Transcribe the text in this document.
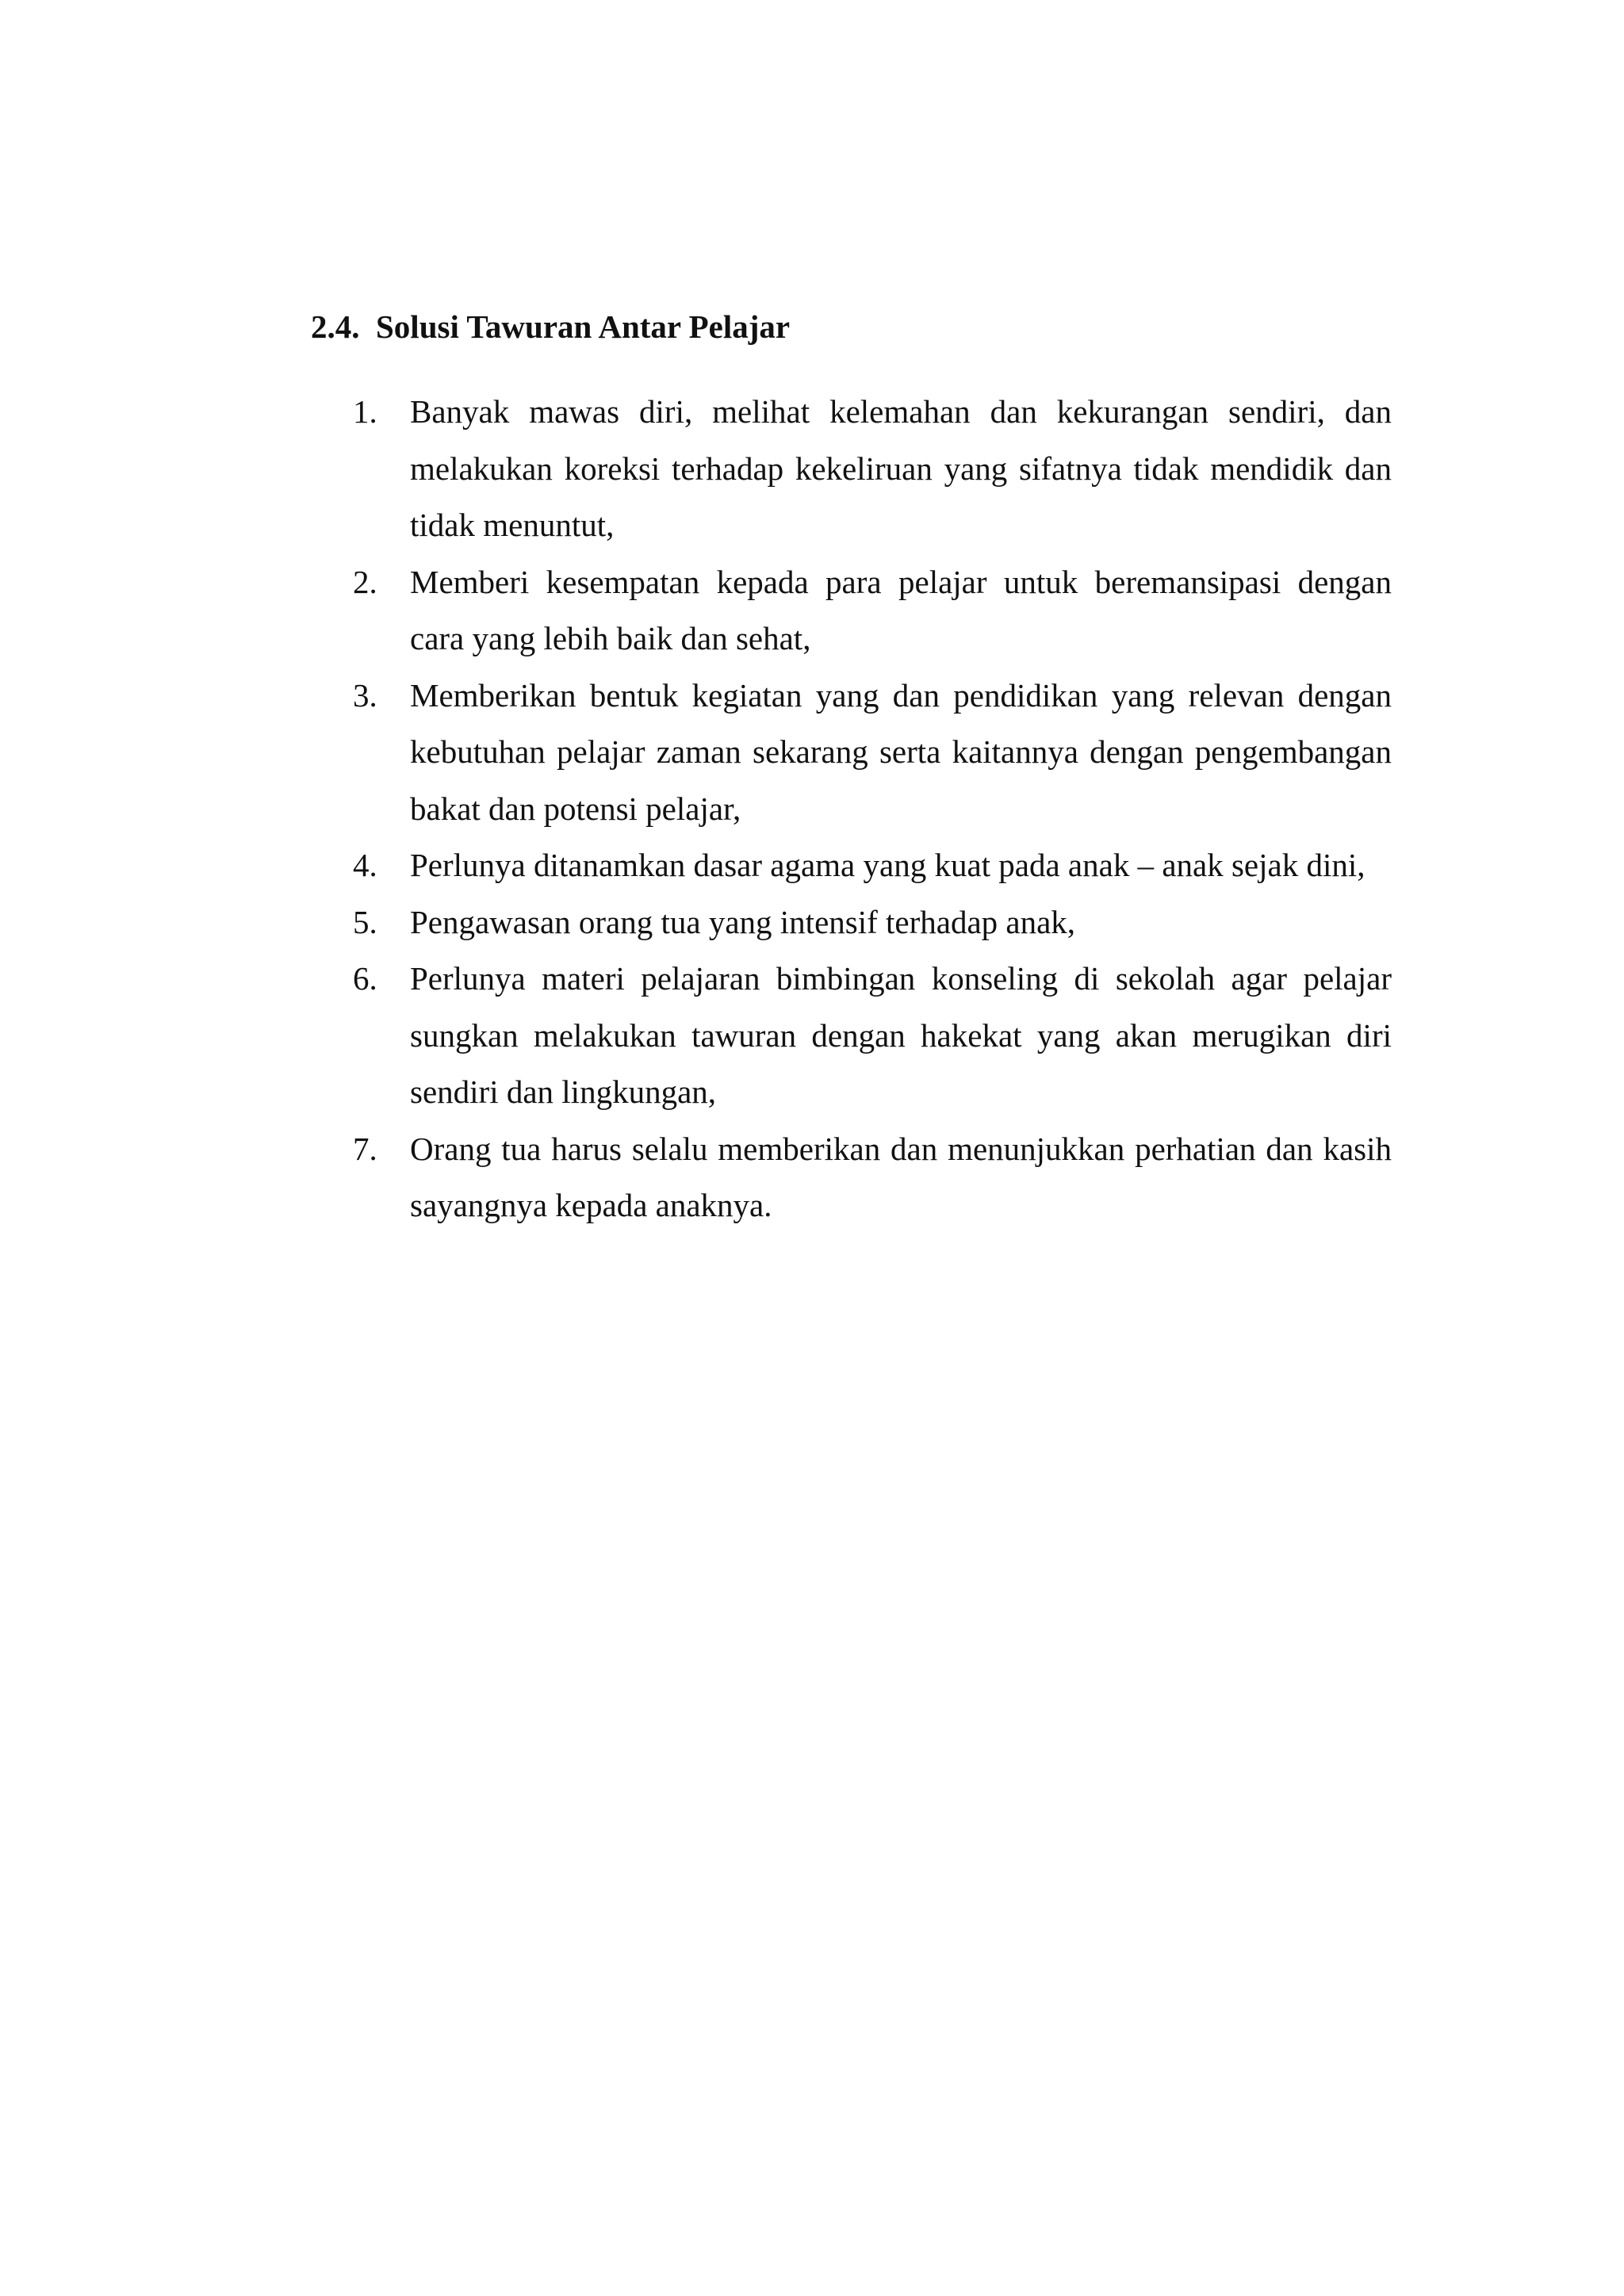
2.4. Solusi Tawuran Antar Pelajar
1. Banyak mawas diri, melihat kelemahan dan kekurangan sendiri, dan melakukan koreksi terhadap kekeliruan yang sifatnya tidak mendidik dan tidak menuntut,
2. Memberi kesempatan kepada para pelajar untuk beremansipasi dengan cara yang lebih baik dan sehat,
3. Memberikan bentuk kegiatan yang dan pendidikan yang relevan dengan kebutuhan pelajar zaman sekarang serta kaitannya dengan pengembangan bakat dan potensi pelajar,
4. Perlunya ditanamkan dasar agama yang kuat pada anak – anak sejak dini,
5. Pengawasan orang tua yang intensif terhadap anak,
6. Perlunya materi pelajaran bimbingan konseling di sekolah agar pelajar sungkan melakukan tawuran dengan hakekat yang akan merugikan diri sendiri dan lingkungan,
7. Orang tua harus selalu memberikan dan menunjukkan perhatian dan kasih sayangnya kepada anaknya.
